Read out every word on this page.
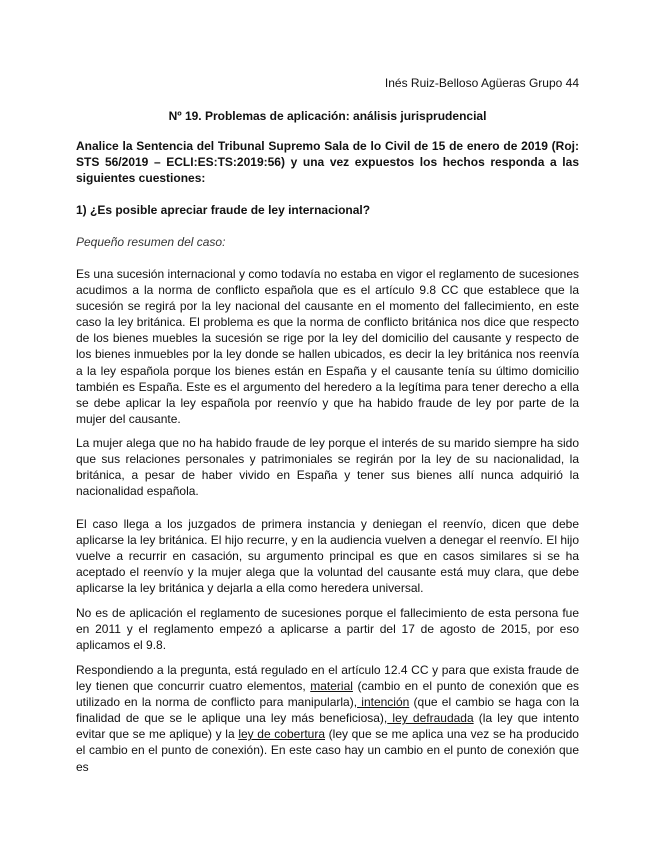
Inés Ruiz-Belloso Agüeras Grupo 44
Nº 19. Problemas de aplicación: análisis jurisprudencial
Analice la Sentencia del Tribunal Supremo Sala de lo Civil de 15 de enero de 2019 (Roj: STS 56/2019 – ECLI:ES:TS:2019:56) y una vez expuestos los hechos responda a las siguientes cuestiones:
1) ¿Es posible apreciar fraude de ley internacional?
Pequeño resumen del caso:

Es una sucesión internacional y como todavía no estaba en vigor el reglamento de sucesiones acudimos a la norma de conflicto española que es el artículo 9.8 CC que establece que la sucesión se regirá por la ley nacional del causante en el momento del fallecimiento, en este caso la ley británica. El problema es que la norma de conflicto británica nos dice que respecto de los bienes muebles la sucesión se rige por la ley del domicilio del causante y respecto de los bienes inmuebles por la ley donde se hallen ubicados, es decir la ley británica nos reenvía a la ley española porque los bienes están en España y el causante tenía su último domicilio también es España. Este es el argumento del heredero a la legítima para tener derecho a ella se debe aplicar la ley española por reenvío y que ha habido fraude de ley por parte de la mujer del causante.

La mujer alega que no ha habido fraude de ley porque el interés de su marido siempre ha sido que sus relaciones personales y patrimoniales se regirán por la ley de su nacionalidad, la británica, a pesar de haber vivido en España y tener sus bienes allí nunca adquirió la nacionalidad española.

El caso llega a los juzgados de primera instancia y deniegan el reenvío, dicen que debe aplicarse la ley británica. El hijo recurre, y en la audiencia vuelven a denegar el reenvío. El hijo vuelve a recurrir en casación, su argumento principal es que en casos similares si se ha aceptado el reenvío y la mujer alega que la voluntad del causante está muy clara, que debe aplicarse la ley británica y dejarla a ella como heredera universal.

No es de aplicación el reglamento de sucesiones porque el fallecimiento de esta persona fue en 2011 y el reglamento empezó a aplicarse a partir del 17 de agosto de 2015, por eso aplicamos el 9.8.

Respondiendo a la pregunta, está regulado en el artículo 12.4 CC y para que exista fraude de ley tienen que concurrir cuatro elementos, material (cambio en el punto de conexión que es utilizado en la norma de conflicto para manipularla), intención (que el cambio se haga con la finalidad de que se le aplique una ley más beneficiosa), ley defraudada (la ley que intento evitar que se me aplique) y la ley de cobertura (ley que se me aplica una vez se ha producido el cambio en el punto de conexión). En este caso hay un cambio en el punto de conexión que es
